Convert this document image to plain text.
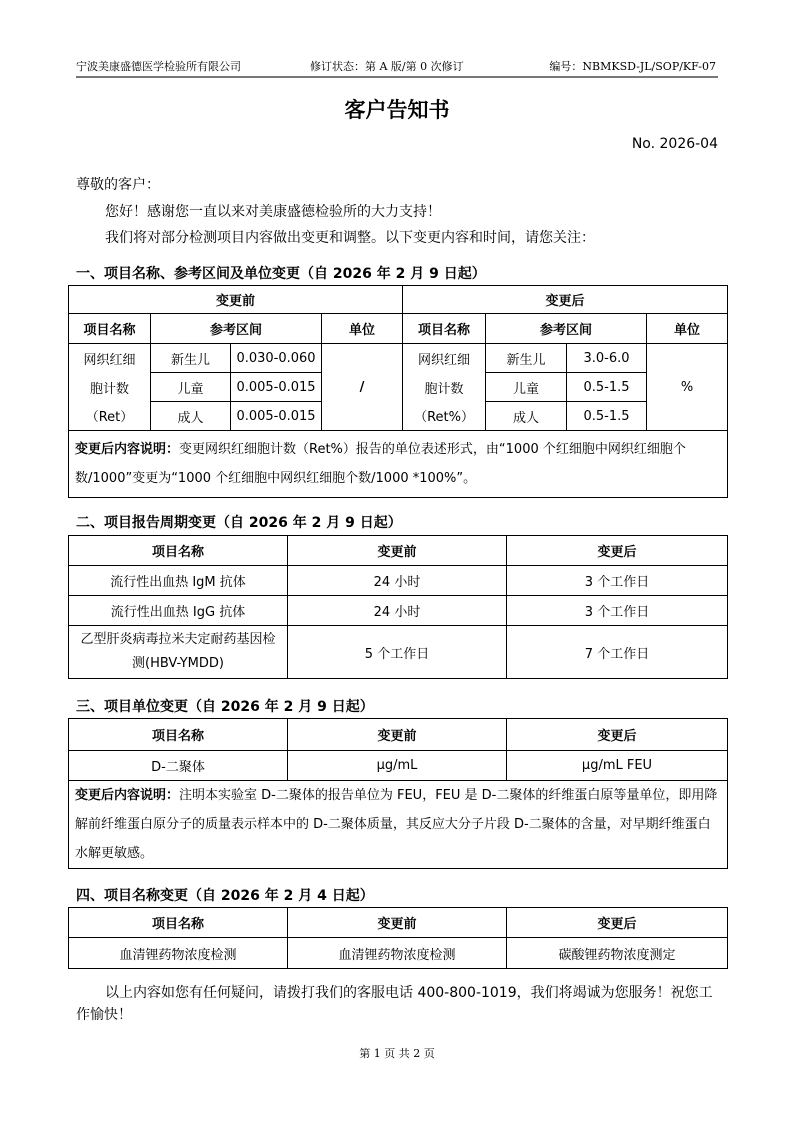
宁波美康盛德医学检验所有限公司	修订状态：第 A 版/第 0 次修订	编号：NBMKSD-JL/SOP/KF-07
客户告知书
No. 2026-04
尊敬的客户：
您好！感谢您一直以来对美康盛德检验所的大力支持！
我们将对部分检测项目内容做出变更和调整。以下变更内容和时间，请您关注：
一、项目名称、参考区间及单位变更（自 2026 年 2 月 9 日起）
变更前				变更后			
项目名称	参考区间		单位	项目名称	参考区间		单位
网织红细	新生儿	0.030-0.060	/	网织红细	新生儿	3.0-6.0	%
胞计数	儿童	0.005-0.015		胞计数	儿童	0.5-1.5	
（Ret）	成人	0.005-0.015		（Ret%）	成人	0.5-1.5	
变更后内容说明：变更网织红细胞计数（Ret%）报告的单位表述形式，由“1000 个红细胞中网织红细胞个数/1000”变更为“1000 个红细胞中网织红细胞个数/1000 *100%”。							
二、项目报告周期变更（自 2026 年 2 月 9 日起）
项目名称	变更前	变更后
流行性出血热 IgM 抗体	24 小时	3 个工作日
流行性出血热 IgG 抗体	24 小时	3 个工作日
乙型肝炎病毒拉米夫定耐药基因检测(HBV-YMDD)	5 个工作日	7 个工作日
三、项目单位变更（自 2026 年 2 月 9 日起）
项目名称	变更前	变更后
D-二聚体	μg/mL	μg/mL FEU
变更后内容说明：注明本实验室 D-二聚体的报告单位为 FEU，FEU 是 D-二聚体的纤维蛋白原等量单位，即用降解前纤维蛋白原分子的质量表示样本中的 D-二聚体质量，其反应大分子片段 D-二聚体的含量，对早期纤维蛋白水解更敏感。		
四、项目名称变更（自 2026 年 2 月 4 日起）
项目名称	变更前	变更后
血清锂药物浓度检测	血清锂药物浓度检测	碳酸锂药物浓度测定
以上内容如您有任何疑问，请拨打我们的客服电话 400-800-1019，我们将竭诚为您服务！祝您工作愉快！
第 1 页 共 2 页
